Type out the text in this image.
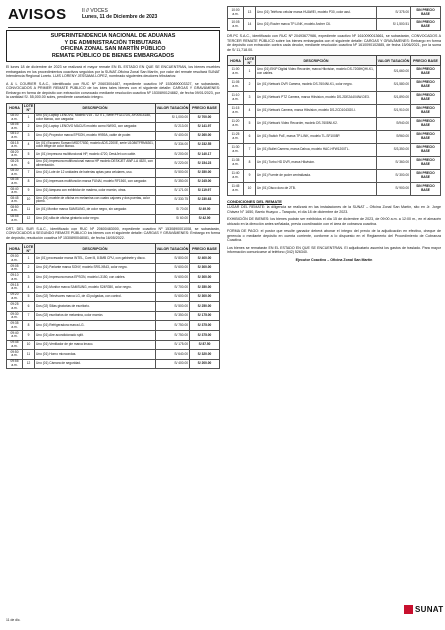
AVISOS	II // VOCES
Lunes, 11 de Diciembre de 2023
SUPERINTENDENCIA NACIONAL DE ADUANAS
Y DE ADMINISTRACIÓN TRIBUTARIA
OFICINA ZONAL SAN MARTÍN PÚBLICO
REMATE PÚBLICO DE BIENES EMBARGADOS

El lunes 18 de diciembre de 2023 se realizará el mayor remate EN EL ESTADO EN QUE SE ENCUENTRAN, los bienes muebles embargados en los procedimientos coactivos seguidos por la SUNAT-Oficina Zonal San Martín, por valor del remate resultará SUNAT Intendencia Regional Loreto. LUIS LORENY JESSAMA LOPEZ, nombrado siguientes deudores tributarios:

A & L COURIER S.A.C., identificado con RUC Nº 20603004487, expediente coactivo Nº 1530890003327, se subastarán, CONVOCADOS A PRIMER REMATE PÚBLICO de los lotes tales bienes con el siguiente detalle: CARGAS Y GRAVÁMENES: Embargo en forma de depósito con extracción convocado mediante resolución coactiva Nº 1530890124882, de fecha 09/01/2023, por la cantidad S/. 55,000.00 soles, pendiente cancelado íntegro.

HORA	LOTE N°	DESCRIPCIÓN	VALOR TASACIÓN	PRECIO BASE
08:00 a.m.	1	Uno (01) Laptop LENOVO, Modelo V15 - G2 ITL, Serie PF3J17DS, AY00514188, color blanco, con cargador.	S/ 1,000.00	S/ 700.00
08:05 a.m.	2	Uno (01) Laptop LENOVO MACUS modelo como NW0G, con cargador.	S/ 213.00	S/ 141.97
08:10 a.m.	3	Uno (01) Proyector marca EPSON, modelo H959A, cable de poder.	S/ 400.00	S/ 260.00
08:15 a.m.	4	Un (01) Escaneo Somaxi MSD77830, modelo ADS-2200E, serie U1086TFRM6301, color beige de color blanco.	S/ 334.00	S/ 232.55
08:20 a.m.	5	Un (01) Impresora multifuncional HP, modelo 4720, DeskJet con cable.	S/ 200.00	S/ 140.17
08:25 a.m.	6	Uno (01) Impresora multifuncional marca HP modelo DESKJET AWF-LA 4520, con alimentación.	S/ 220.00	S/ 154.23
08:30 a.m.	7	Uno (01) Lote de 12 unidades de baterías aptas para celulares, uso.	S/ 500.00	S/ 350.00
08:35 a.m.	8	Uno (01) impresora multifunción marca FUNAI, modelo RF1560, con cargador.	S/ 350.00	S/ 245.00
08:40 a.m.	9	Uno (01) lámpara con exhibidor de madera, color marrón, otras.	S/ 171.00	S/ 119.97
08:45 a.m.	10	Uno (01) mueble de oficina en melamina con cuatro cajones y dos puertas, color plomo.	S/ 330.75	S/ 230.63
08:50 a.m.	11	Un (01) Monitor marca SAMSUNG, de color negro, sin cargador.	S/ 70.00	S/ 49.00
08:55 a.m.	12	Uno (01) silla de oficina giratoria color negro.	S/ 60.00	S/ 42.00

DRT. DEL SUR S.A.C., identificado con RUC Nº 20600483000, expediente coactivo Nº 1530890001008, se subastarán, CONVOCADOS A SEGUNDO REMATE PÚBLICO los bienes con el siguiente detalle: CARGAS Y GRAVÁMENES: Embargo en forma de depósito, resolución coactiva Nº 1530890048081, de fecha 16/05/2022.

HORA	LOTE N°	DESCRIPCIÓN	VALOR TASACIÓN	PRECIO BASE
09:00 a.m.	1	Un (01) procesador marca INTEL, Core i5, 8.5MB CPU, con gabinete y disco.	S/ 800.00	S/ 400.00
09:05 a.m.	2	Uno (01) Parlante marca SONY, modelo SRS-XB43, color negro.	S/ 600.00	S/ 300.00
09:10 a.m.	3	Uno (01) Impresora marca EPSON, modelo L3150, con cables.	S/ 600.00	S/ 300.00
09:15 a.m.	4	Uno (01) Monitor marca SAMSUNG, modelo S24R350, color negro.	S/ 700.00	S/ 350.00
09:20 a.m.	5	Dos (02) Televisores marca LG, de 43 pulgadas, con control.	S/ 600.00	S/ 300.00
09:25 a.m.	6	Dos (02) Sillas giratorias de escritorio.	S/ 500.00	S/ 250.00
09:30 a.m.	7	Dos (02) escritorios de melamina, color marrón.	S/ 350.00	S/ 175.00
09:35 a.m.	8	Uno (01) Refrigeradora marca LG.	S/ 750.00	S/ 375.00
09:40 a.m.	9	Uno (01) Aire acondicionado split.	S/ 750.00	S/ 375.00
09:45 a.m.	10	Uno (01) Ventilador de pie marca Imaco.	S/ 175.00	S/ 87.50
09:50 a.m.	11	Uno (01) Horno microondas.	S/ 640.00	S/ 320.00
09:55 a.m.	12	Uno (01) Cámara de seguridad.	S/ 400.00	S/ 200.00
10:00 a.m.	13	Uno (01) Teléfono celular marca HUAWEI, modelo P30, color azul.	S/ 375.00	SIN PRECIO BASE
10:05 a.m.	14	Uno (01) Router marca TP-LINK, modelo Archer C6.	S/ 1,500.51	SIN PRECIO BASE

DR.PC S.A.C., identificado con RUC Nº 20493677986, expediente coactivo Nº 1610090013661, se subastarán, CONVOCADOS A TERCER REMATE PÚBLICO sobre los bienes embargados con el siguiente detalle: CARGAS Y GRAVÁMENES: Embargo en forma de depósito con extracción contra cada deudor, mediante resolución coactiva Nº 1610090102885, de fecha 15/06/2021, por la suma de S/ 11,718.00.

HORA	LOTE N°	DESCRIPCIÓN	VALOR TASACIÓN	PRECIO BASE
11:00 a.m.	1	Uno (01) EKIP Digital Video Recorder, marca Hikvision, modelo DS-7208HQHI-K1, con cables.	S/1,660.00	SIN PRECIO BASE
11:05 a.m.	2	Un (01) Network DVR Camera, modelo DS-7604NI-K1, color negro.	S/1,580.00	SIN PRECIO BASE
11:10 a.m.	3	Un (01) Network PTZ Camera, marca Hikvision, modelo DS-2DE2A404IW-DE3.	S/1,890.00	SIN PRECIO BASE
11:15 a.m.	4	Un (01) Network Camera, marca Hikvision, modelo DS-2CD1043G0-I.	S/1,910.00	SIN PRECIO BASE
11:20 a.m.	5	Un (01) Network Video Recorder, modelo DS-7608NI-K2.	S/940.00	SIN PRECIO BASE
11:25 a.m.	6	Un (01) Switch PoE, marca TP-LINK, modelo TL-SF1008P.	S/960.00	SIN PRECIO BASE
11:30 a.m.	7	Un (01) Bullet Camera, marca Dahua, modelo HAC-HFW1200TL.	S/3,350.00	SIN PRECIO BASE
11:35 a.m.	8	Un (01) Turbo HD DVR, marca Hikvision.	S/ 360.00	SIN PRECIO BASE
11:40 a.m.	9	Un (01) Fuente de poder centralizada.	S/ 300.00	SIN PRECIO BASE
11:45 a.m.	10	Un (01) Disco duro de 2TB.	S/ 900.00	SIN PRECIO BASE
CONDICIONES DEL REMATE

LUGAR DEL REMATE: la diligencia se realizará en las instalaciones de la SUNAT – Oficina Zonal San Martín, sito en Jr. Jorge Chávez N° 1650, Barrio Huayco – Tarapoto, el día 18 de diciembre de 2023.

EXHIBICIÓN DE BIENES: los bienes podrán ser exhibidos el día 15 de diciembre de 2023, de 09:00 a.m. a 12:00 m., en el almacén ubicado en la dirección antes señalada, previa coordinación con el área de cobranza coactiva.

FORMA DE PAGO: el postor que resulte ganador deberá abonar el íntegro del precio de la adjudicación en efectivo, cheque de gerencia o mediante depósito en cuenta corriente, conforme a lo dispuesto en el Reglamento del Procedimiento de Cobranza Coactiva.

Los bienes se rematarán EN EL ESTADO EN QUE SE ENCUENTRAN. El adjudicatario asumirá los gastos de traslado. Para mayor información comunicarse al teléfono (042) 526340.

Ejecutor Coactivo – Oficina Zonal San Martín

SUNAT
11 de dic.
